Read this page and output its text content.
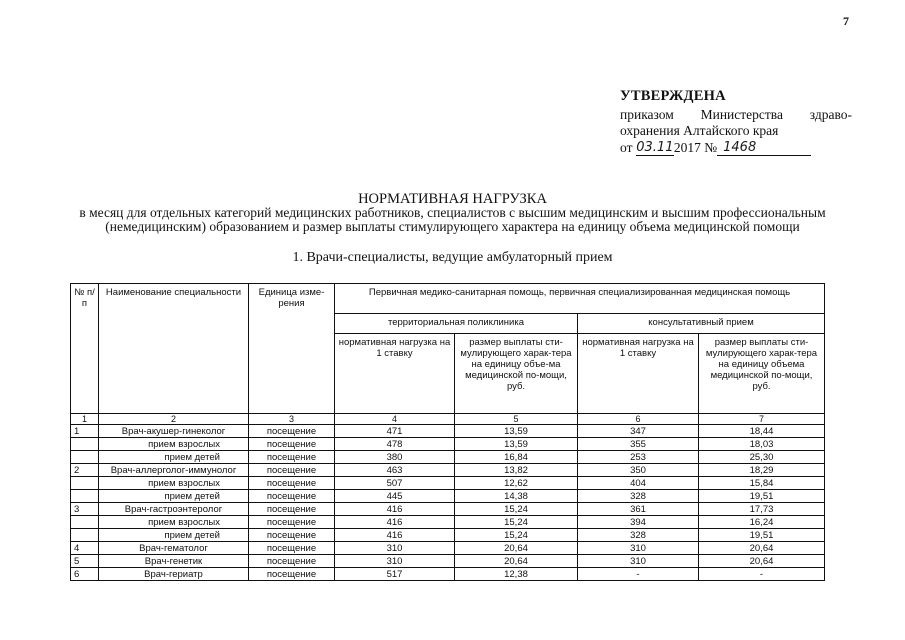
7
УТВЕРЖДЕНА
приказом Министерства здраво-
охранения Алтайского края
от
03.11 2017 № 1468
НОРМАТИВНАЯ НАГРУЗКА
в месяц для отдельных категорий медицинских работников, специалистов с высшим медицинским и высшим профессиональным
(немедицинским) образованием и размер выплаты стимулирующего характера на единицу объема медицинской помощи
1. Врачи-специалисты, ведущие амбулаторный прием
№ п/п	Наименование специальности	Единица изме-рения	Первичная медико-санитарная помощь, первичная специализированная медицинская помощь			
			территориальная поликлиника		консультативный прием	
			нормативная нагрузка на 1 ставку	размер выплаты сти-мулирующего харак-тера на единицу объе-ма медицинской по-мощи, руб.	нормативная нагрузка на 1 ставку	размер выплаты сти-мулирующего харак-тера на единицу объема медицинской по-мощи, руб.
1	2	3	4	5	6	7
1	Врач-акушер-гинеколог	посещение	471	13,59	347	18,44
	прием взрослых	посещение	478	13,59	355	18,03
	прием детей	посещение	380	16,84	253	25,30
2	Врач-аллерголог-иммунолог	посещение	463	13,82	350	18,29
	прием взрослых	посещение	507	12,62	404	15,84
	прием детей	посещение	445	14,38	328	19,51
3	Врач-гастроэнтеролог	посещение	416	15,24	361	17,73
	прием взрослых	посещение	416	15,24	394	16,24
	прием детей	посещение	416	15,24	328	19,51
4	Врач-гематолог	посещение	310	20,64	310	20,64
5	Врач-генетик	посещение	310	20,64	310	20,64
6	Врач-гериатр	посещение	517	12,38	-	-
